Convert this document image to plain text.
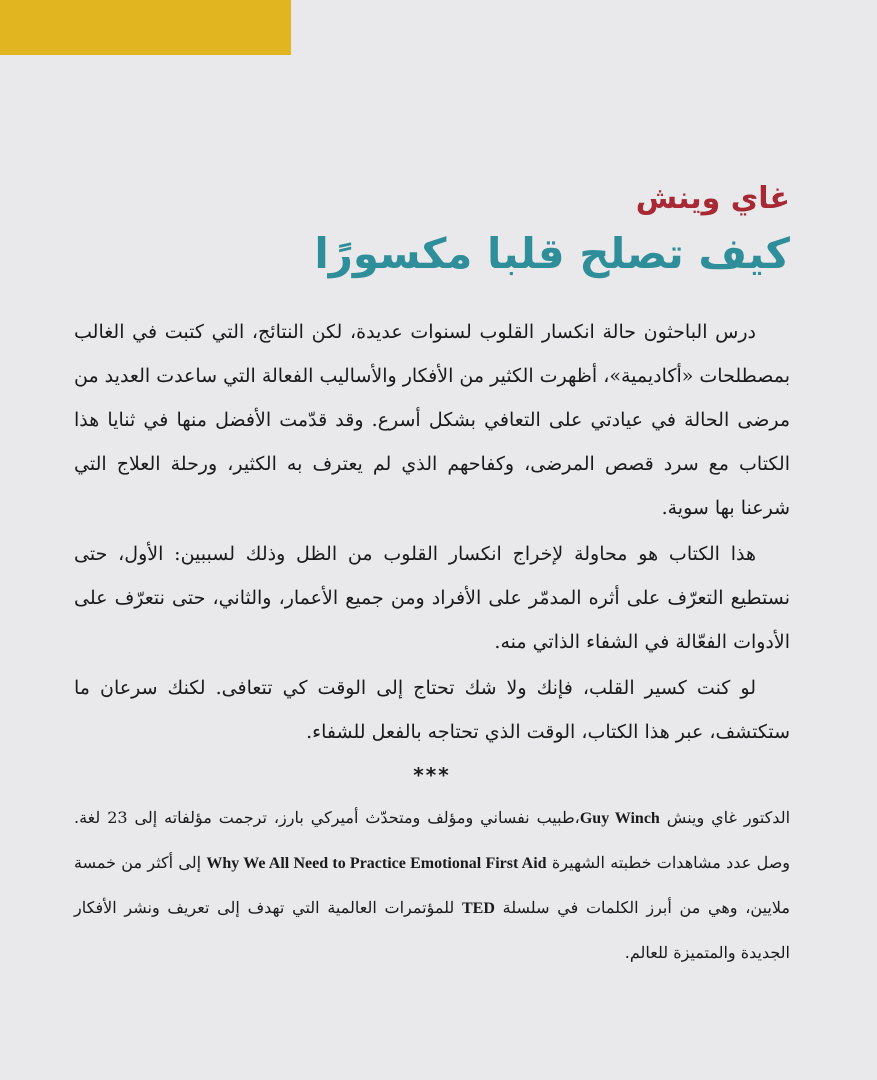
غاي وينش
كيف تصلح قلبا مكسورًا

درس الباحثون حالة انكسار القلوب لسنوات عديدة، لكن النتائج، التي كتبت في الغالب بمصطلحات «أكاديمية»، أظهرت الكثير من الأفكار والأساليب الفعالة التي ساعدت العديد من مرضى الحالة في عيادتي على التعافي بشكل أسرع. وقد قدّمت الأفضل منها في ثنايا هذا الكتاب مع سرد قصص المرضى، وكفاحهم الذي لم يعترف به الكثير، ورحلة العلاج التي شرعنا بها سوية.

هذا الكتاب هو محاولة لإخراج انكسار القلوب من الظل وذلك لسببين: الأول، حتى نستطيع التعرّف على أثره المدمّر على الأفراد ومن جميع الأعمار، والثاني، حتى نتعرّف على الأدوات الفعّالة في الشفاء الذاتي منه.

لو كنت كسير القلب، فإنك ولا شك تحتاج إلى الوقت كي تتعافى. لكنك سرعان ما ستكتشف، عبر هذا الكتاب، الوقت الذي تحتاجه بالفعل للشفاء.

***

الدكتور غاي وينش Guy Winch،طبيب نفساني ومؤلف ومتحدّث أميركي بارز، ترجمت مؤلفاته إلى 23 لغة. وصل عدد مشاهدات خطبته الشهيرة Why We All Need to Practice Emotional First Aid إلى أكثر من خمسة ملايين، وهي من أبرز الكلمات في سلسلة TED للمؤتمرات العالمية التي تهدف إلى تعريف ونشر الأفكار الجديدة والمتميزة للعالم.
